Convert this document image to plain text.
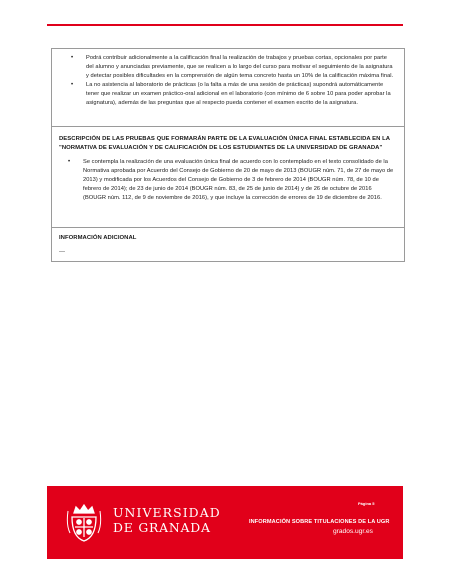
• Podrá contribuir adicionalmente a la calificación final la realización de trabajos y pruebas cortas, opcionales por parte del alumno y anunciadas previamente, que se realicen a lo largo del curso para motivar el seguimiento de la asignatura y detectar posibles dificultades en la comprensión de algún tema concreto hasta un 10% de la calificación máxima final.
• La no asistencia al laboratorio de prácticas (o la falta a más de una sesión de prácticas) supondrá automáticamente tener que realizar un examen práctico-oral adicional en el laboratorio (con mínimo de 6 sobre 10 para poder aprobar la asignatura), además de las preguntas que al respecto pueda contener el examen escrito de la asignatura.
DESCRIPCIÓN DE LAS PRUEBAS QUE FORMARÁN PARTE DE LA EVALUACIÓN ÚNICA FINAL ESTABLECIDA EN LA "NORMATIVA DE EVALUACIÓN Y DE CALIFICACIÓN DE LOS ESTUDIANTES DE LA UNIVERSIDAD DE GRANADA"
• Se contempla la realización de una evaluación única final de acuerdo con lo contemplado en el texto consolidado de la Normativa aprobada por Acuerdo del Consejo de Gobierno de 20 de mayo de 2013 (BOUGR núm. 71, de 27 de mayo de 2013) y modificada por los Acuerdos del Consejo de Gobierno de 3 de febrero de 2014 (BOUGR núm. 78, de 10 de febrero de 2014); de 23 de junio de 2014 (BOUGR núm. 83, de 25 de junio de 2014) y de 26 de octubre de 2016 (BOUGR núm. 112, de 9 de noviembre de 2016), y que incluye la corrección de errores de 19 de diciembre de 2016.
INFORMACIÓN ADICIONAL
---
UNIVERSIDAD
DE GRANADA
Página 5
INFORMACIÓN SOBRE TITULACIONES DE LA UGR
grados.ugr.es
